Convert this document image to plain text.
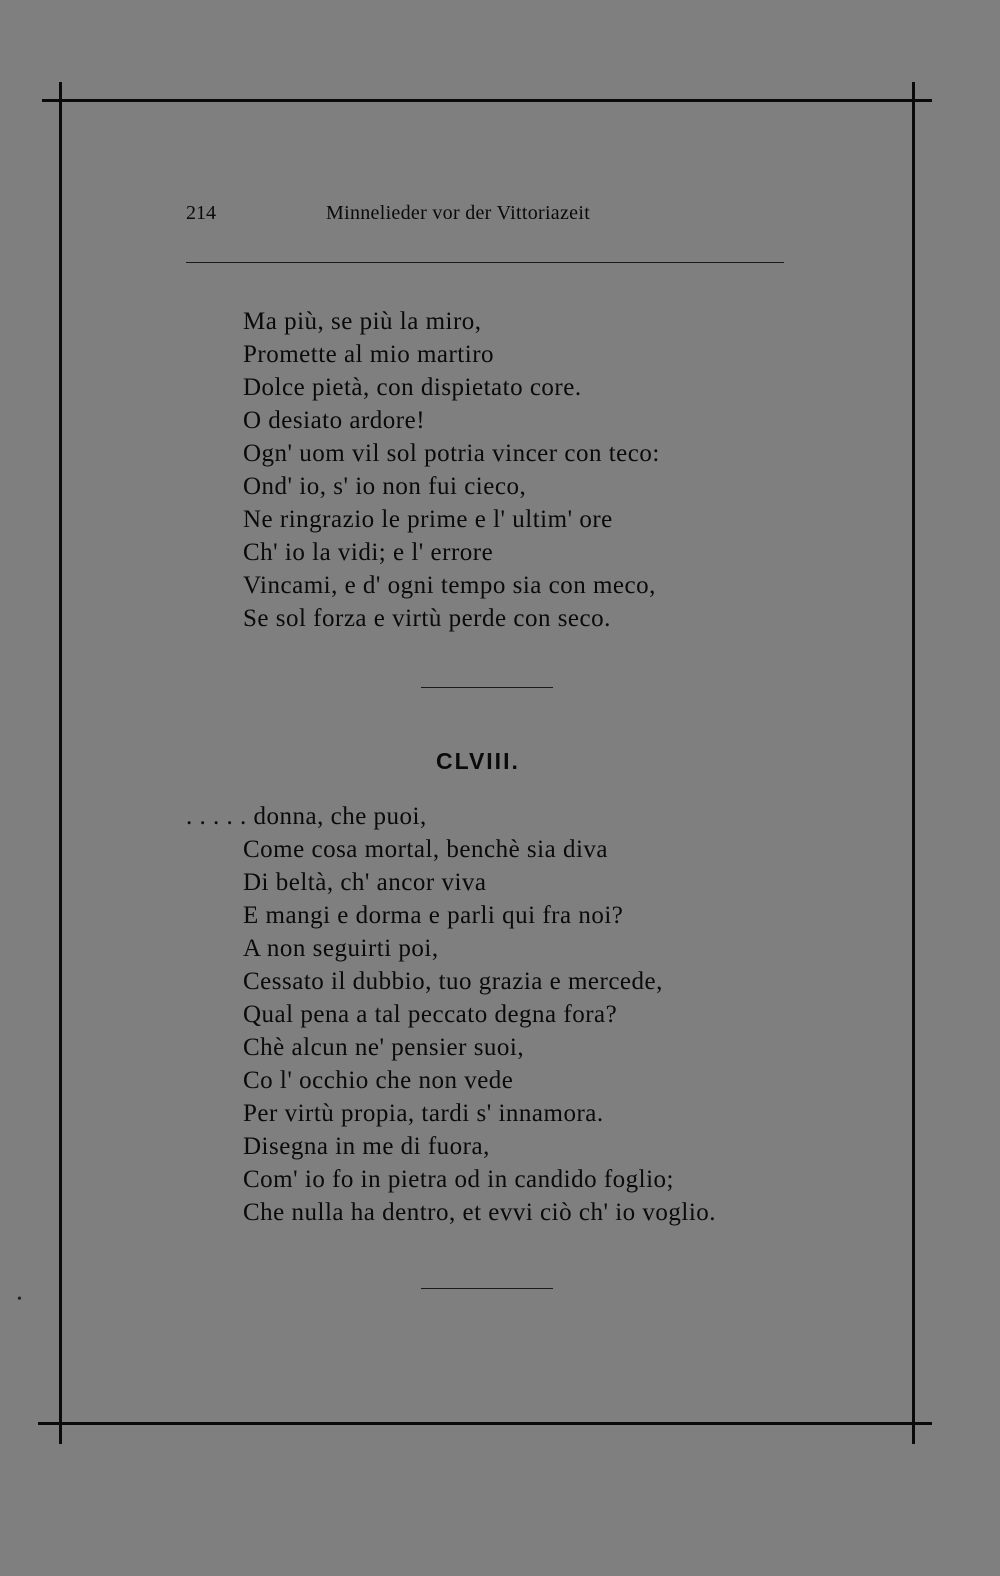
214	Minnelieder vor der Vittoriazeit
Ma più, se più la miro,
Promette al mio martiro
Dolce pietà, con dispietato core.
O desiato ardore!
Ogn' uom vil sol potria vincer con teco:
Ond' io, s' io non fui cieco,
Ne ringrazio le prime e l' ultim' ore
Ch' io la vidi; e l' errore
Vincami, e d' ogni tempo sia con meco,
Se sol forza e virtù perde con seco.
CLVIII.
. . . . . donna, che puoi,
Come cosa mortal, benchè sia diva
Di beltà, ch' ancor viva
E mangi e dorma e parli qui fra noi?
A non seguirti poi,
Cessato il dubbio, tuo grazia e mercede,
Qual pena a tal peccato degna fora?
Chè alcun ne' pensier suoi,
Co l' occhio che non vede
Per virtù propia, tardi s' innamora.
Disegna in me di fuora,
Com' io fo in pietra od in candido foglio;
Che nulla ha dentro, et evvi ciò ch' io voglio.
•
